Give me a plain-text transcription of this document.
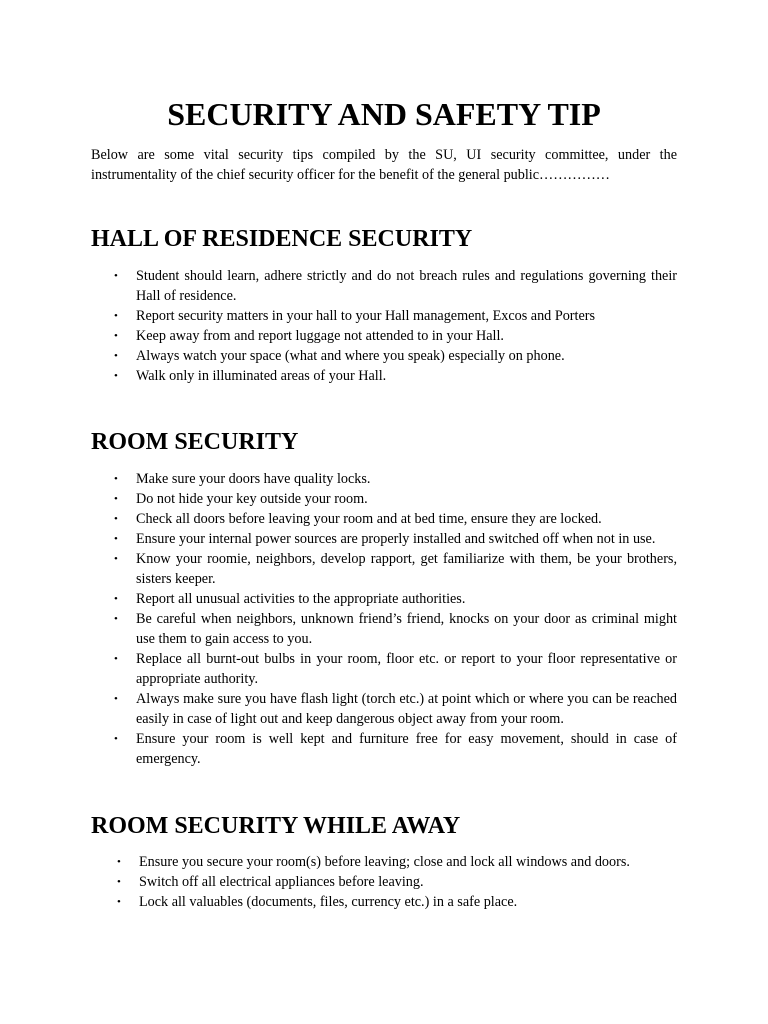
SECURITY AND SAFETY TIP

Below are some vital security tips compiled by the SU, UI security committee, under the instrumentality of the chief security officer for the benefit of the general public……………

HALL OF RESIDENCE SECURITY
• Student should learn, adhere strictly and do not breach rules and regulations governing their Hall of residence.
• Report security matters in your hall to your Hall management, Excos and Porters
• Keep away from and report luggage not attended to in your Hall.
• Always watch your space (what and where you speak) especially on phone.
• Walk only in illuminated areas of your Hall.
ROOM SECURITY
• Make sure your doors have quality locks.
• Do not hide your key outside your room.
• Check all doors before leaving your room and at bed time, ensure they are locked.
• Ensure your internal power sources are properly installed and switched off when not in use.
• Know your roomie, neighbors, develop rapport, get familiarize with them, be your brothers, sisters keeper.
• Report all unusual activities to the appropriate authorities.
• Be careful when neighbors, unknown friend’s friend, knocks on your door as criminal might use them to gain access to you.
• Replace all burnt-out bulbs in your room, floor etc. or report to your floor representative or appropriate authority.
• Always make sure you have flash light (torch etc.) at point which or where you can be reached easily in case of light out and keep dangerous object away from your room.
• Ensure your room is well kept and furniture free for easy movement, should in case of emergency.
ROOM SECURITY WHILE AWAY
• Ensure you secure your room(s) before leaving; close and lock all windows and doors.
• Switch off all electrical appliances before leaving.
• Lock all valuables (documents, files, currency etc.) in a safe place.
